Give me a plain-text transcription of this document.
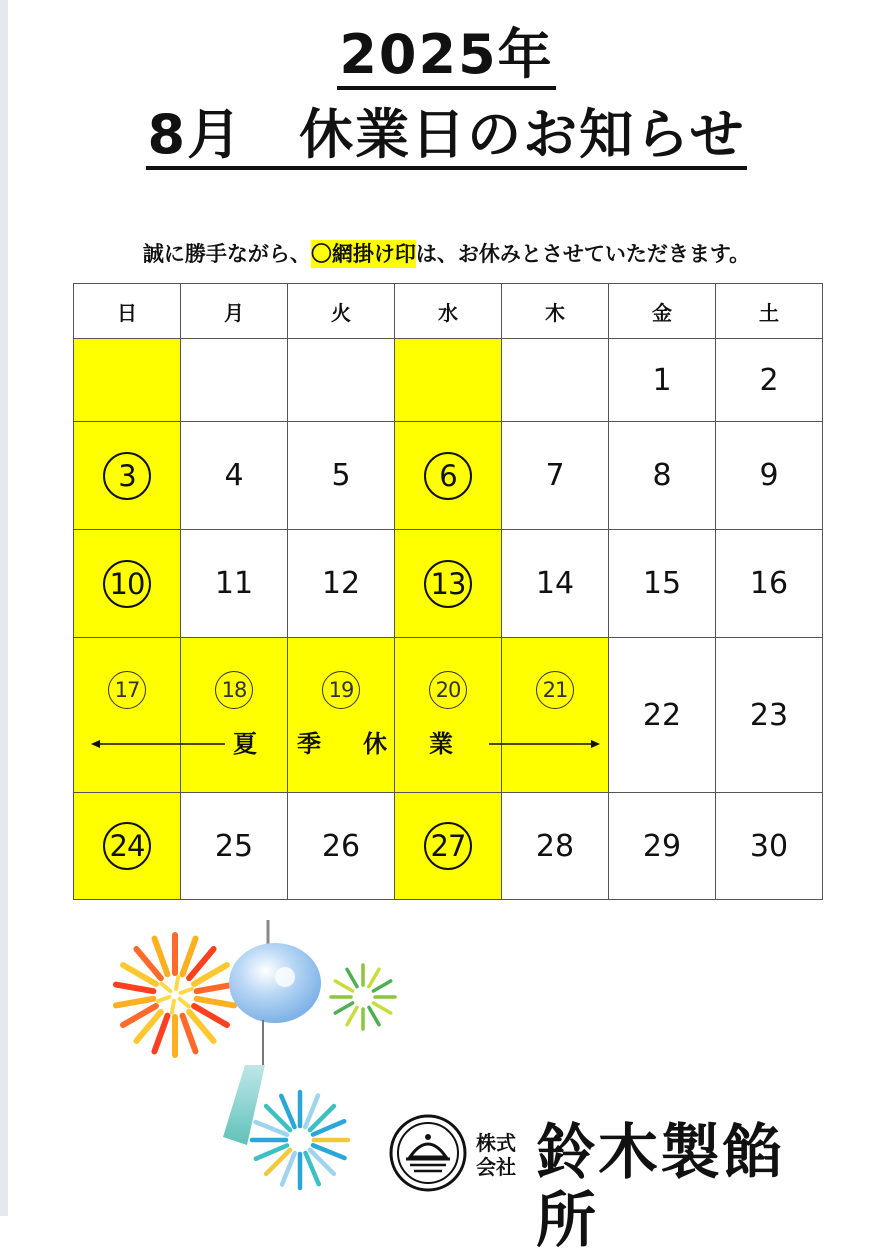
2025年
8月　休業日のお知らせ
誠に勝手ながら、〇網掛け印は、お休みとさせていただきます。
日	月	火	水	木	金	土
					1	2
3	4	5	6	7	8	9
10	11	12	13	14	15	16
17	18	19	20	21	22	23
24	25	26	27	28	29	30
夏 季 休 業
株式
会社 鈴木製餡所
